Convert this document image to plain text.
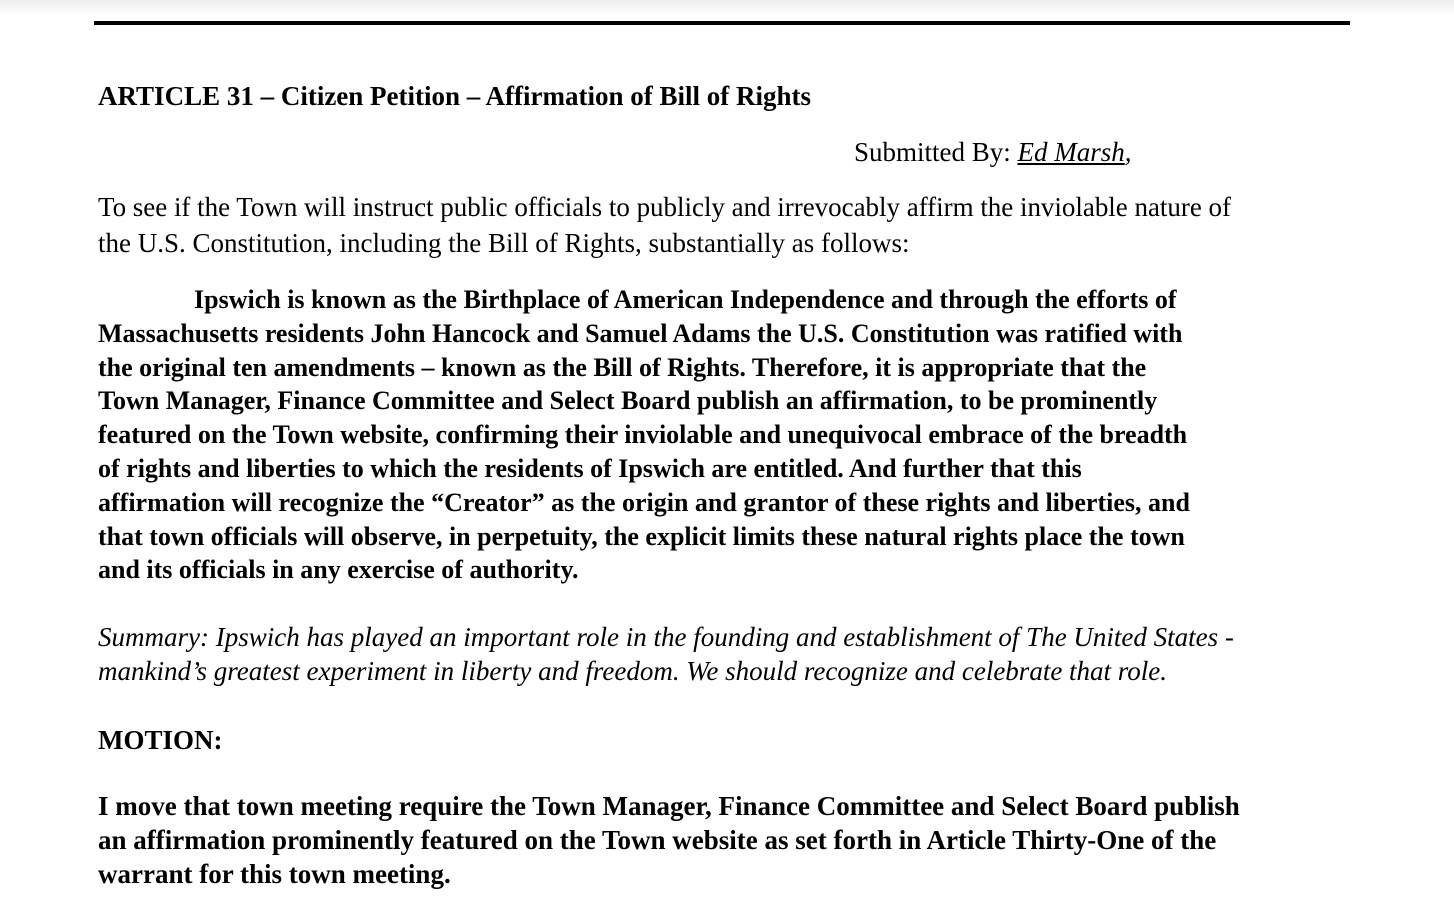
ARTICLE 31 – Citizen Petition – Affirmation of Bill of Rights
Submitted By: Ed Marsh,
To see if the Town will instruct public officials to publicly and irrevocably affirm the inviolable nature of
the U.S. Constitution, including the Bill of Rights, substantially as follows:
Ipswich is known as the Birthplace of American Independence and through the efforts of
Massachusetts residents John Hancock and Samuel Adams the U.S. Constitution was ratified with
the original ten amendments – known as the Bill of Rights. Therefore, it is appropriate that the
Town Manager, Finance Committee and Select Board publish an affirmation, to be prominently
featured on the Town website, confirming their inviolable and unequivocal embrace of the breadth
of rights and liberties to which the residents of Ipswich are entitled. And further that this
affirmation will recognize the “Creator” as the origin and grantor of these rights and liberties, and
that town officials will observe, in perpetuity, the explicit limits these natural rights place the town
and its officials in any exercise of authority.
Summary: Ipswich has played an important role in the founding and establishment of The United States -
mankind’s greatest experiment in liberty and freedom. We should recognize and celebrate that role.
MOTION:
I move that town meeting require the Town Manager, Finance Committee and Select Board publish
an affirmation prominently featured on the Town website as set forth in Article Thirty-One of the
warrant for this town meeting.
